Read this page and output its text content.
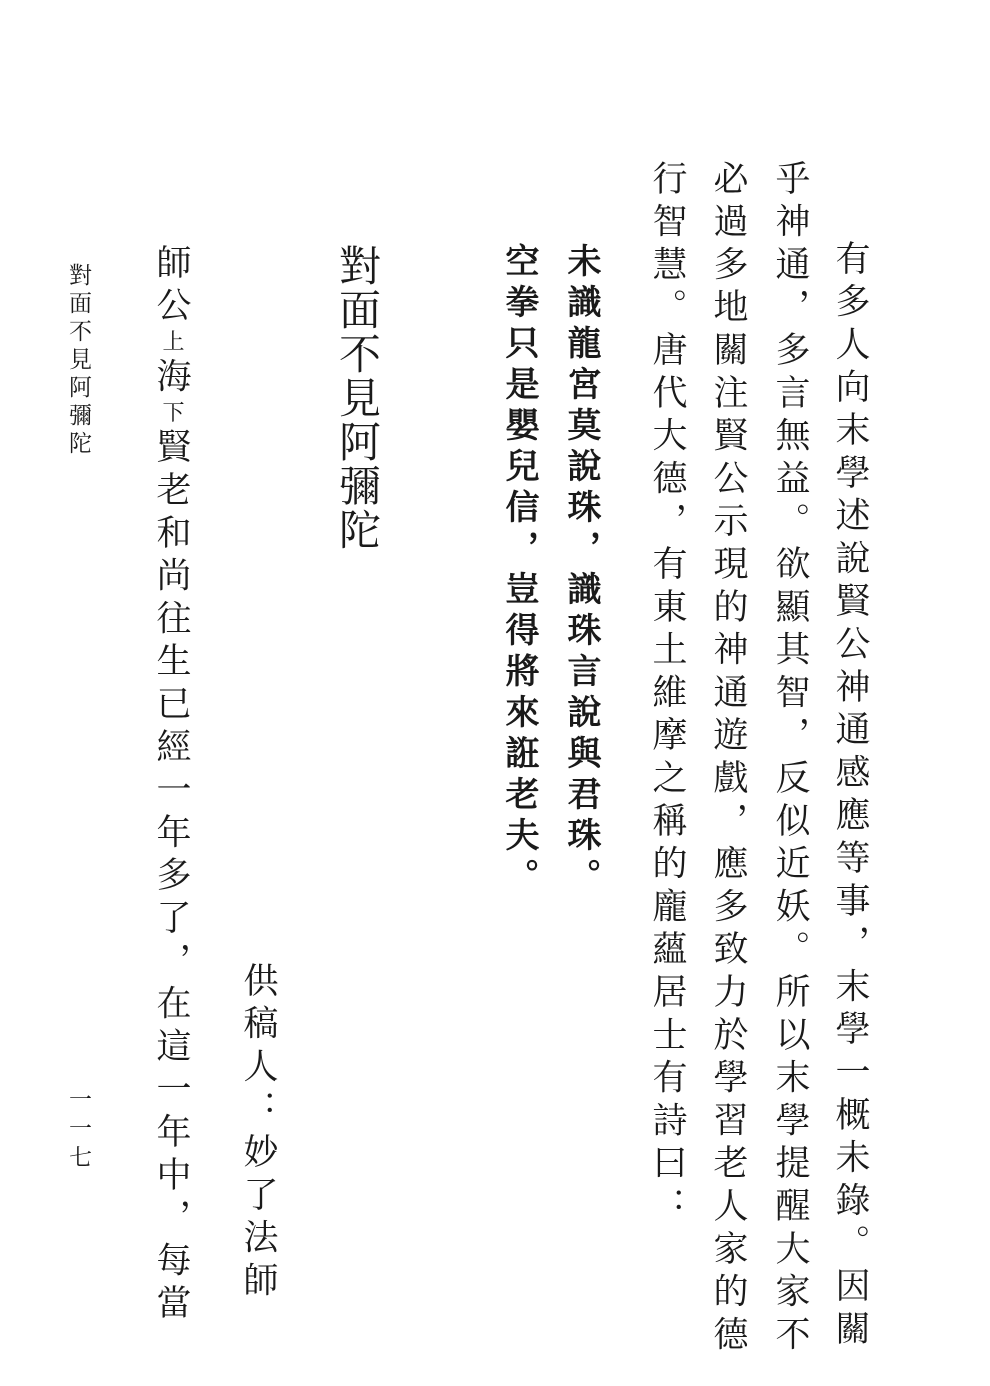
有多人向末學述說賢公神通感應等事，末學一概未錄。因關
乎神通，多言無益。欲顯其智，反似近妖。所以末學提醒大家不
必過多地關注賢公示現的神通遊戲，應多致力於學習老人家的德
行智慧。唐代大德，有東土維摩之稱的龐蘊居士有詩曰：
未識龍宮莫說珠，識珠言說與君珠。
空拳只是嬰兒信，豈得將來誑老夫。
對面不見阿彌陀
供稿人：妙了法師
師公上海下賢老和尚往生已經一年多了，在這一年中，每當
對面不見阿彌陀
一一七
